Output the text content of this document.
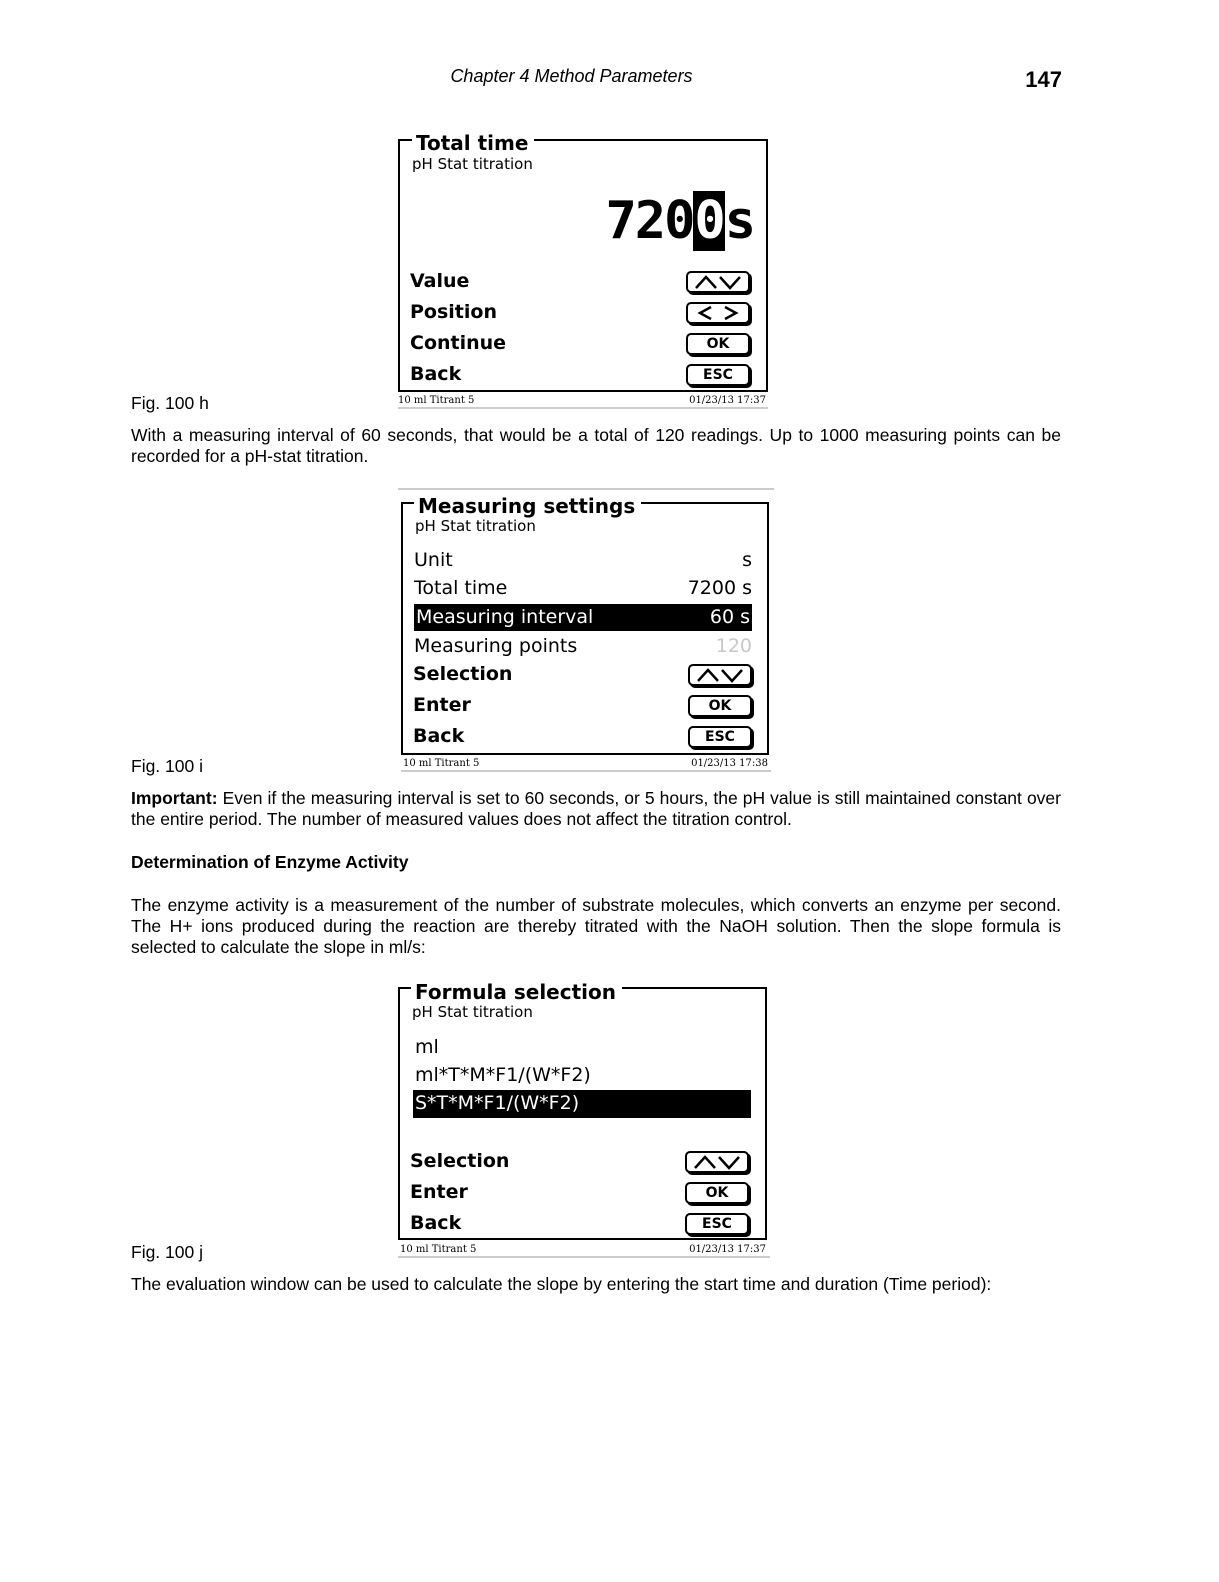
Chapter 4 Method Parameters	147
Total time
pH Stat titration
7200s
Value
Position
Continue	OK
Back	ESC
10 ml Titrant 5	01/23/13 17:37
Fig. 100 h
With a measuring interval of 60 seconds, that would be a total of 120 readings. Up to 1000 measuring points can be recorded for a pH-stat titration.
Measuring settings
pH Stat titration
Unit	s
Total time	7200 s
Measuring interval	60 s
Measuring points	120
Selection
Enter	OK
Back	ESC
10 ml Titrant 5	01/23/13 17:38
Fig. 100 i
Important: Even if the measuring interval is set to 60 seconds, or 5 hours, the pH value is still maintained constant over the entire period. The number of measured values does not affect the titration control.
Determination of Enzyme Activity
The enzyme activity is a measurement of the number of substrate molecules, which converts an enzyme per second. The H+ ions produced during the reaction are thereby titrated with the NaOH solution. Then the slope formula is selected to calculate the slope in ml/s:
Formula selection
pH Stat titration
ml
ml*T*M*F1/(W*F2)
S*T*M*F1/(W*F2)
Selection
Enter	OK
Back	ESC
10 ml Titrant 5	01/23/13 17:37
Fig. 100 j
The evaluation window can be used to calculate the slope by entering the start time and duration (Time period):
